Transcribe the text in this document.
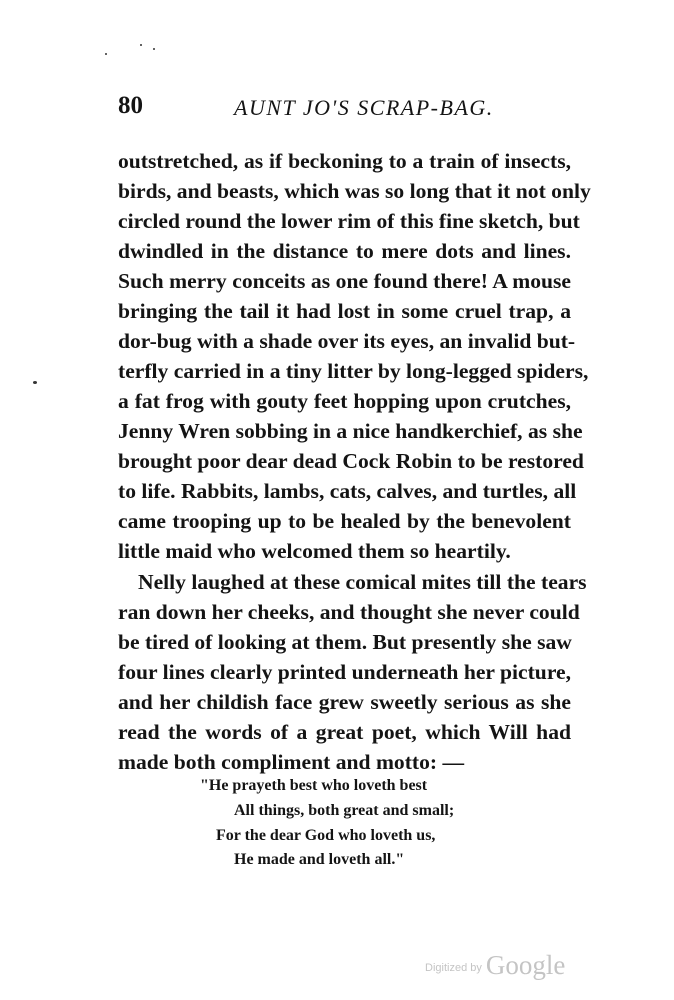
80	AUNT JO'S SCRAP-BAG.
outstretched, as if beckoning to a train of insects,
birds, and beasts, which was so long that it not only
circled round the lower rim of this fine sketch, but
dwindled in the distance to mere dots and lines.
Such merry conceits as one found there! A mouse
bringing the tail it had lost in some cruel trap, a
dor-bug with a shade over its eyes, an invalid but-
terfly carried in a tiny litter by long-legged spiders,
a fat frog with gouty feet hopping upon crutches,
Jenny Wren sobbing in a nice handkerchief, as she
brought poor dear dead Cock Robin to be restored
to life. Rabbits, lambs, cats, calves, and turtles, all
came trooping up to be healed by the benevolent
little maid who welcomed them so heartily.
Nelly laughed at these comical mites till the tears
ran down her cheeks, and thought she never could
be tired of looking at them. But presently she saw
four lines clearly printed underneath her picture,
and her childish face grew sweetly serious as she
read the words of a great poet, which Will had
made both compliment and motto: —
"He prayeth best who loveth best
All things, both great and small;
For the dear God who loveth us,
He made and loveth all."
Digitized by Google
